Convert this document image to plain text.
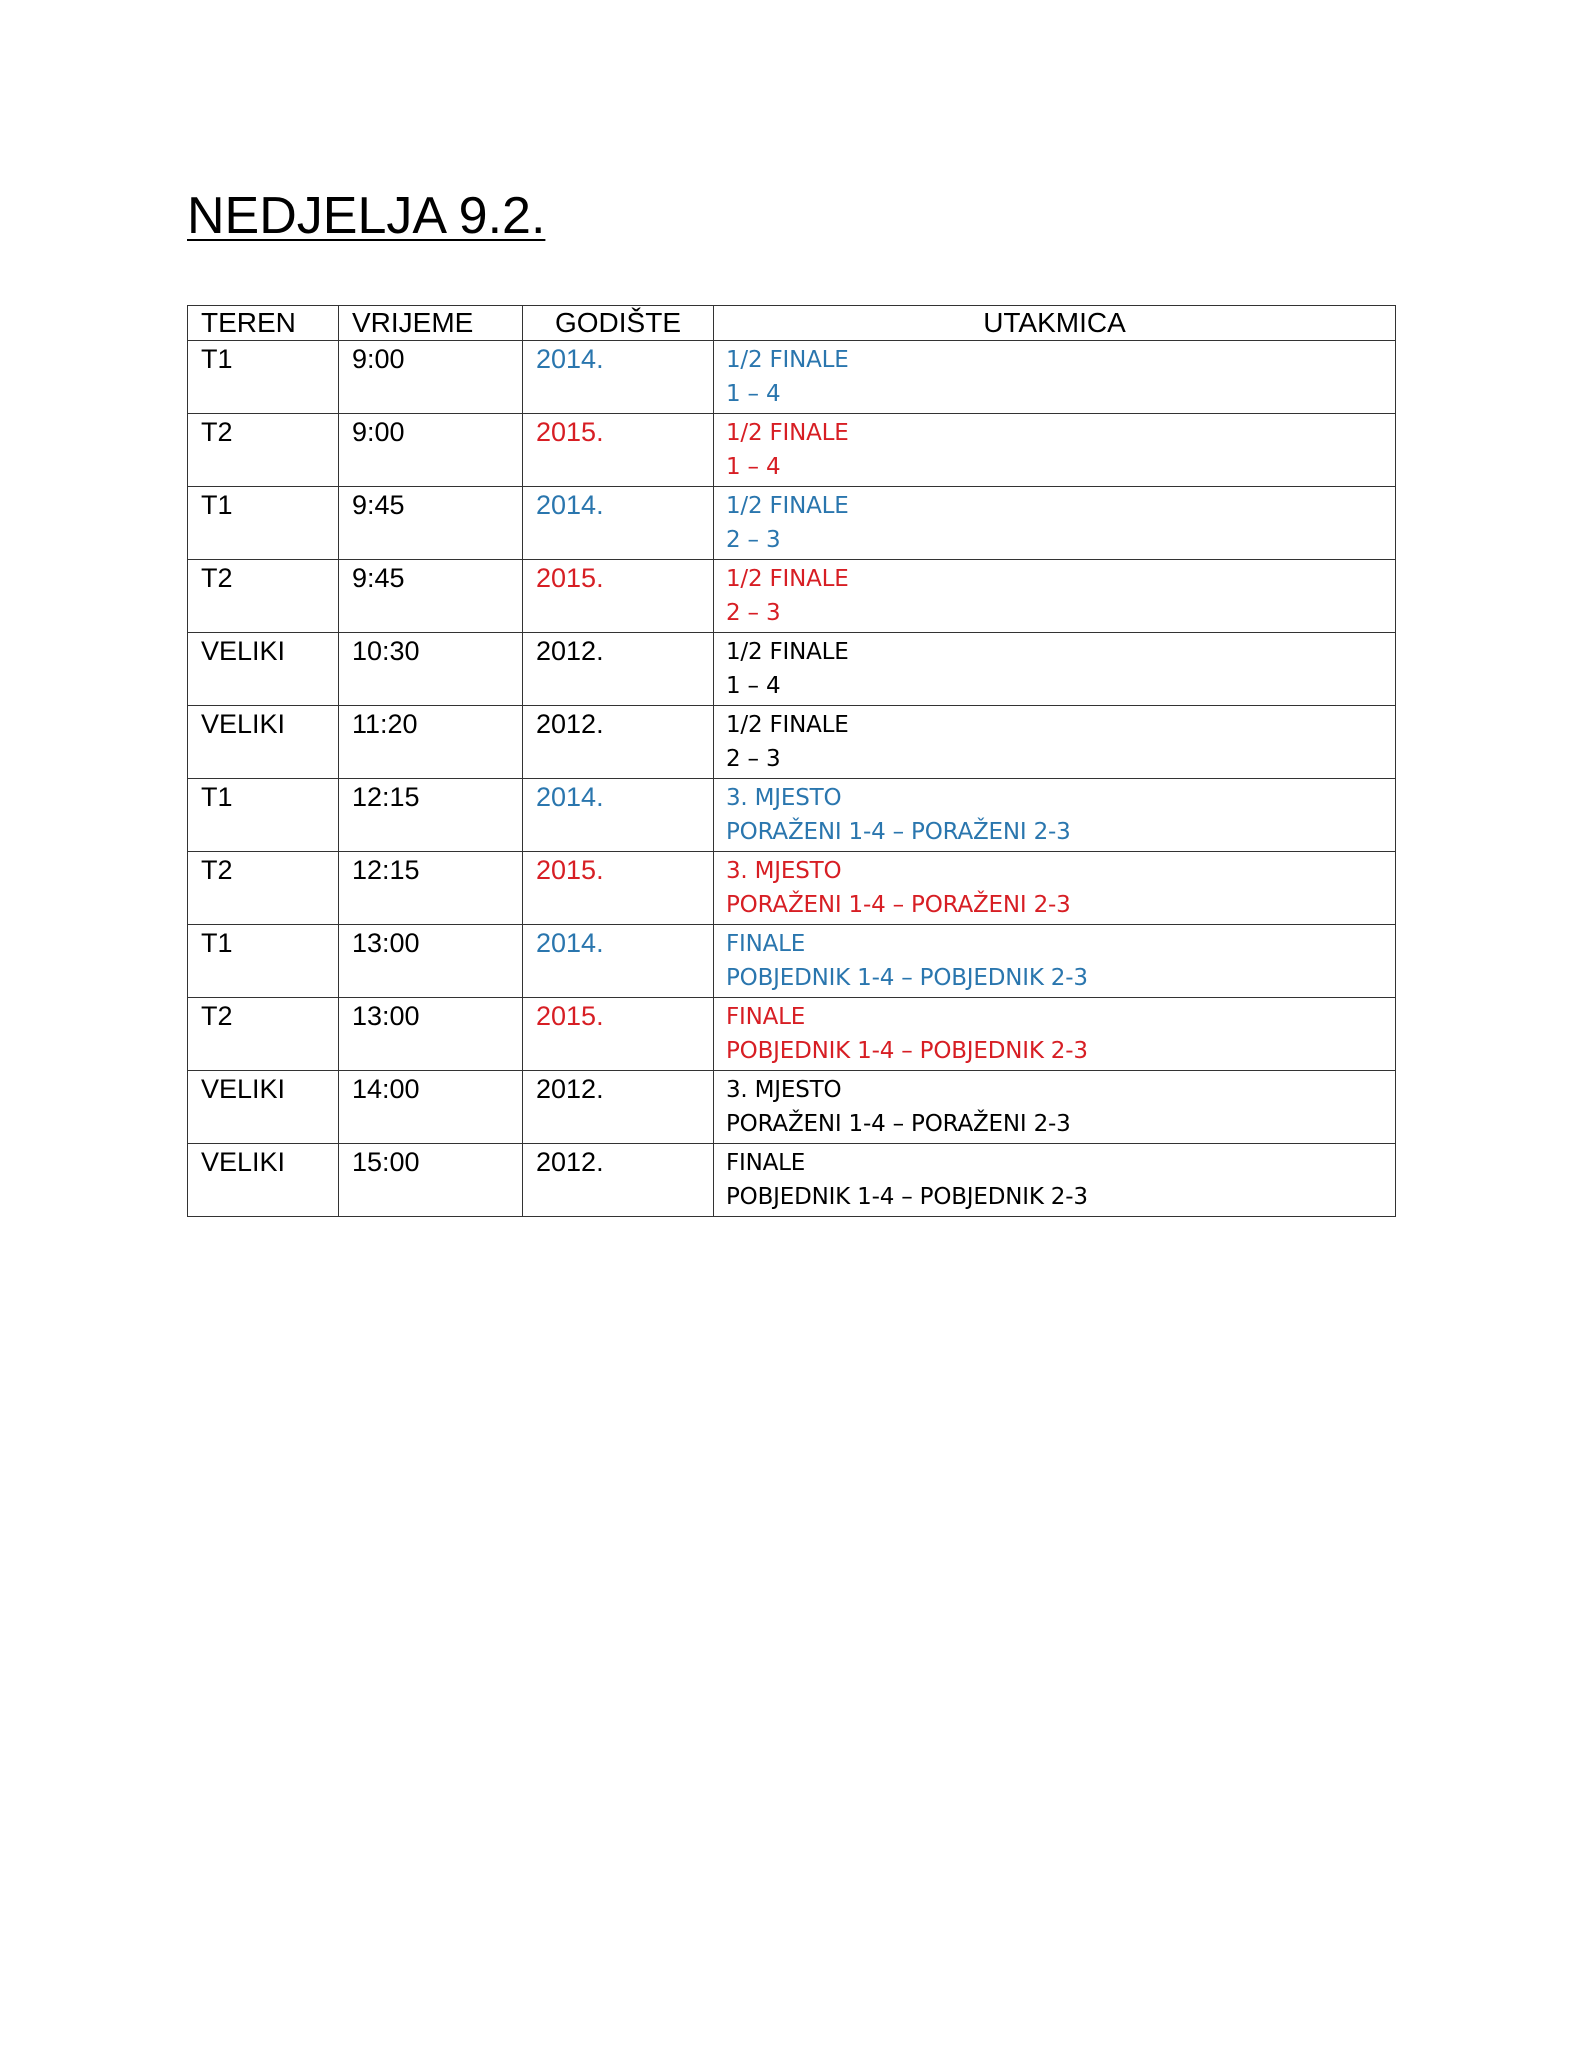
NEDJELJA 9.2.
TEREN	VRIJEME	GODIŠTE	UTAKMICA

T1	9:00	2014.	1/2 FINALE
1 – 4

T2	9:00	2015.	1/2 FINALE
1 – 4

T1	9:45	2014.	1/2 FINALE
2 – 3

T2	9:45	2015.	1/2 FINALE
2 – 3

VELIKI	10:30	2012.	1/2 FINALE
1 – 4

VELIKI	11:20	2012.	1/2 FINALE
2 – 3

T1	12:15	2014.	3. MJESTO
PORAŽENI 1-4 – PORAŽENI 2-3

T2	12:15	2015.	3. MJESTO
PORAŽENI 1-4 – PORAŽENI 2-3

T1	13:00	2014.	FINALE
POBJEDNIK 1-4 – POBJEDNIK 2-3

T2	13:00	2015.	FINALE
POBJEDNIK 1-4 – POBJEDNIK 2-3

VELIKI	14:00	2012.	3. MJESTO
PORAŽENI 1-4 – PORAŽENI 2-3

VELIKI	15:00	2012.	FINALE
POBJEDNIK 1-4 – POBJEDNIK 2-3
